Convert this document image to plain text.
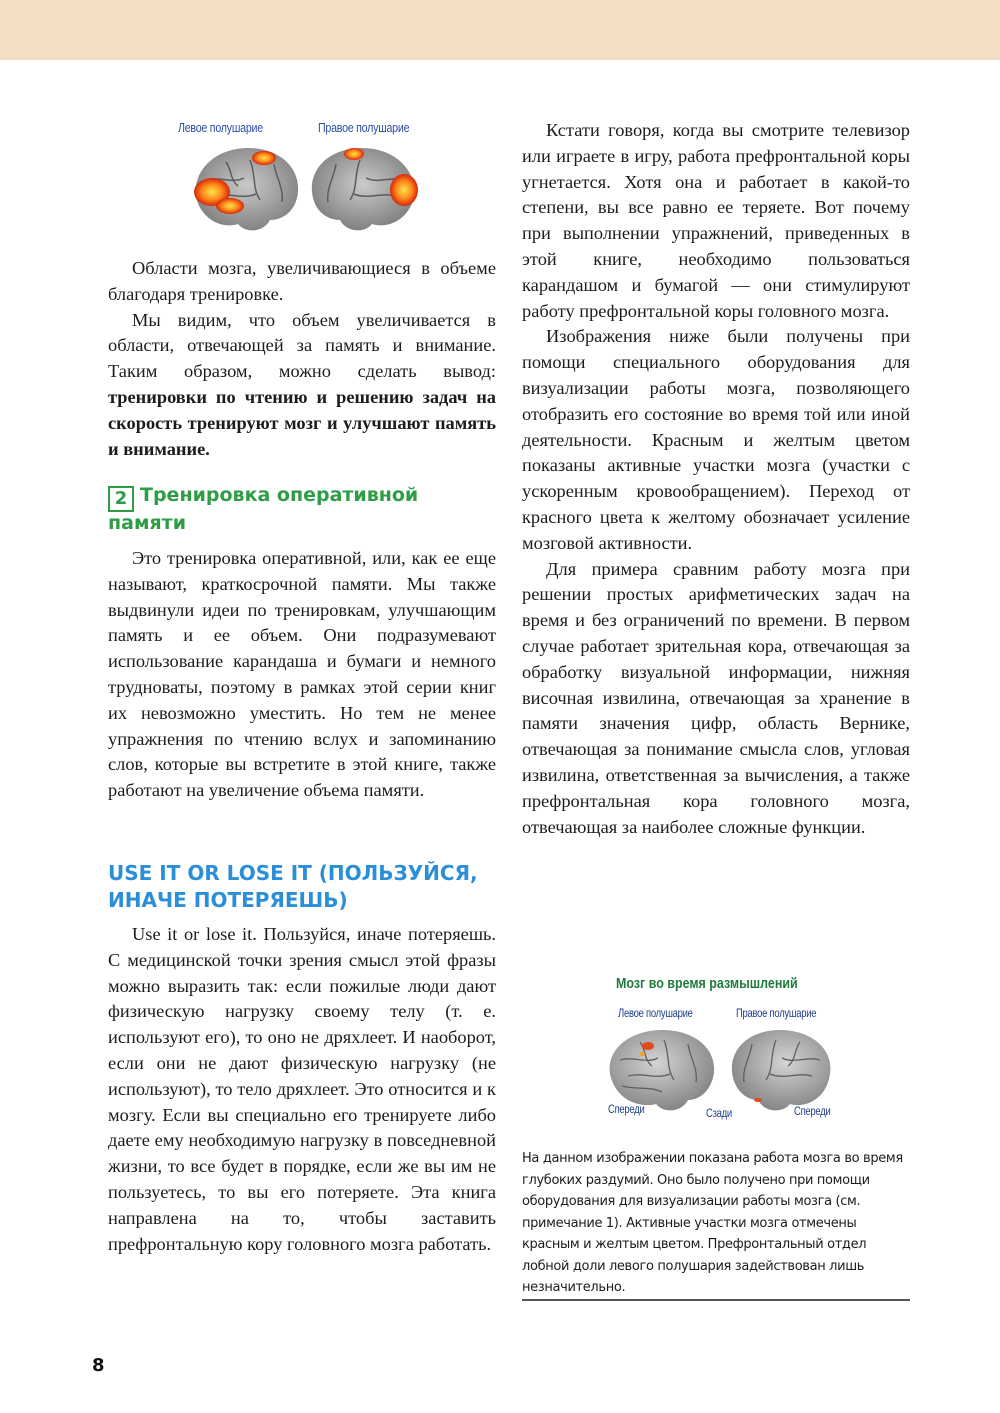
Левое полушарие	Правое полушарие

Области мозга, увеличивающиеся в объеме благодаря тренировке.

Мы видим, что объем увеличивается в области, отвечающей за память и внимание. Таким образом, можно сделать вывод: тренировки по чтению и решению задач на скорость тренируют мозг и улучшают память и внимание.

2 Тренировка оперативной памяти

Это тренировка оперативной, или, как ее еще называют, краткосрочной памяти. Мы также выдвинули идеи по тренировкам, улучшающим память и ее объем. Они подразумевают использование карандаша и бумаги и немного трудноваты, поэтому в рамках этой серии книг их невозможно уместить. Но тем не менее упражнения по чтению вслух и запоминанию слов, которые вы встретите в этой книге, также работают на увеличение объема памяти.

USE IT OR LOSE IT (ПОЛЬЗУЙСЯ, ИНАЧЕ ПОТЕРЯЕШЬ)

Use it or lose it. Пользуйся, иначе потеряешь. С медицинской точки зрения смысл этой фразы можно выразить так: если пожилые люди дают физическую нагрузку своему телу (т. е. используют его), то оно не дряхлеет. И наоборот, если они не дают физическую нагрузку (не используют), то тело дряхлеет. Это относится и к мозгу. Если вы специально его тренируете либо даете ему необходимую нагрузку в повседневной жизни, то все будет в порядке, если же вы им не пользуетесь, то вы его потеряете. Эта книга направлена на то, чтобы заставить префронтальную кору головного мозга работать.

Кстати говоря, когда вы смотрите телевизор или играете в игру, работа префронтальной коры угнетается. Хотя она и работает в какой-то степени, вы все равно ее теряете. Вот почему при выполнении упражнений, приведенных в этой книге, необходимо пользоваться карандашом и бумагой — они стимулируют работу префронтальной коры головного мозга.

Изображения ниже были получены при помощи специального оборудования для визуализации работы мозга, позволяющего отобразить его состояние во время той или иной деятельности. Красным и желтым цветом показаны активные участки мозга (участки с ускоренным кровообращением). Переход от красного цвета к желтому обозначает усиление мозговой активности.

Для примера сравним работу мозга при решении простых арифметических задач на время и без ограничений по времени. В первом случае работает зрительная кора, отвечающая за обработку визуальной информации, нижняя височная извилина, отвечающая за хранение в памяти значения цифр, область Вернике, отвечающая за понимание смысла слов, угловая извилина, ответственная за вычисления, а также префронтальная кора головного мозга, отвечающая за наиболее сложные функции.

Мозг во время размышлений
Левое полушарие	Правое полушарие
Спереди	Сзади	Спереди
На данном изображении показана работа мозга во время глубоких раздумий. Оно было получено при помощи оборудования для визуализации работы мозга (см. примечание 1). Активные участки мозга отмечены красным и желтым цветом. Префронтальный отдел лобной доли левого полушария задействован лишь незначительно.
8
